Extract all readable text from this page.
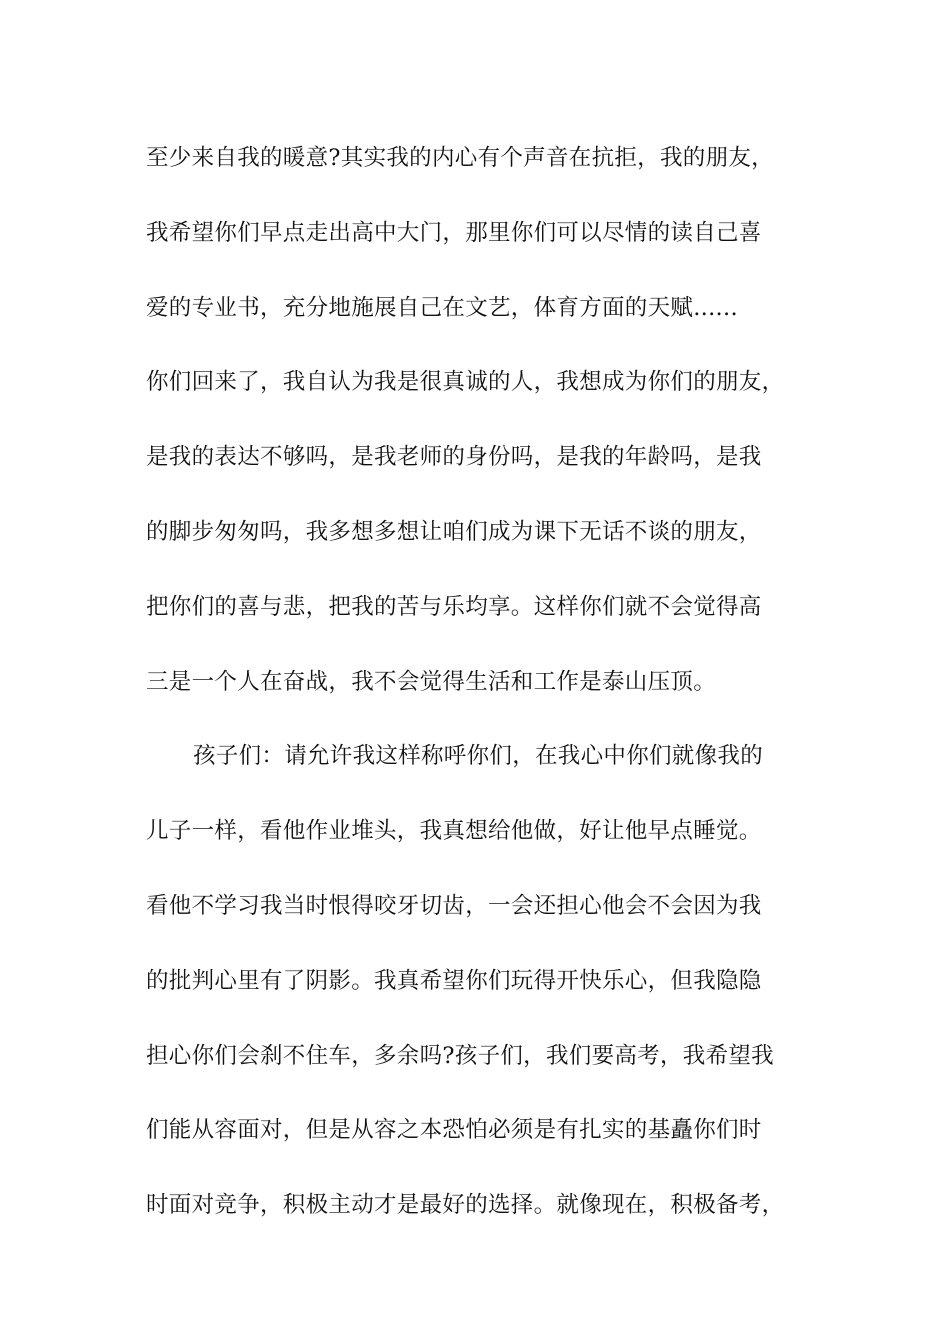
至少来自我的暖意?其实我的内心有个声音在抗拒，我的朋友，
我希望你们早点走出高中大门，那里你们可以尽情的读自己喜
爱的专业书，充分地施展自己在文艺，体育方面的天赋......
你们回来了，我自认为我是很真诚的人，我想成为你们的朋友，
是我的表达不够吗，是我老师的身份吗，是我的年龄吗，是我
的脚步匆匆吗，我多想多想让咱们成为课下无话不谈的朋友，
把你们的喜与悲，把我的苦与乐均享。这样你们就不会觉得高
三是一个人在奋战，我不会觉得生活和工作是泰山压顶。
孩子们：请允许我这样称呼你们，在我心中你们就像我的
儿子一样，看他作业堆头，我真想给他做，好让他早点睡觉。
看他不学习我当时恨得咬牙切齿，一会还担心他会不会因为我
的批判心里有了阴影。我真希望你们玩得开快乐心，但我隐隐
担心你们会刹不住车，多余吗?孩子们，我们要高考，我希望我
们能从容面对，但是从容之本恐怕必须是有扎实的基矗你们时
时面对竞争，积极主动才是最好的选择。就像现在，积极备考，
